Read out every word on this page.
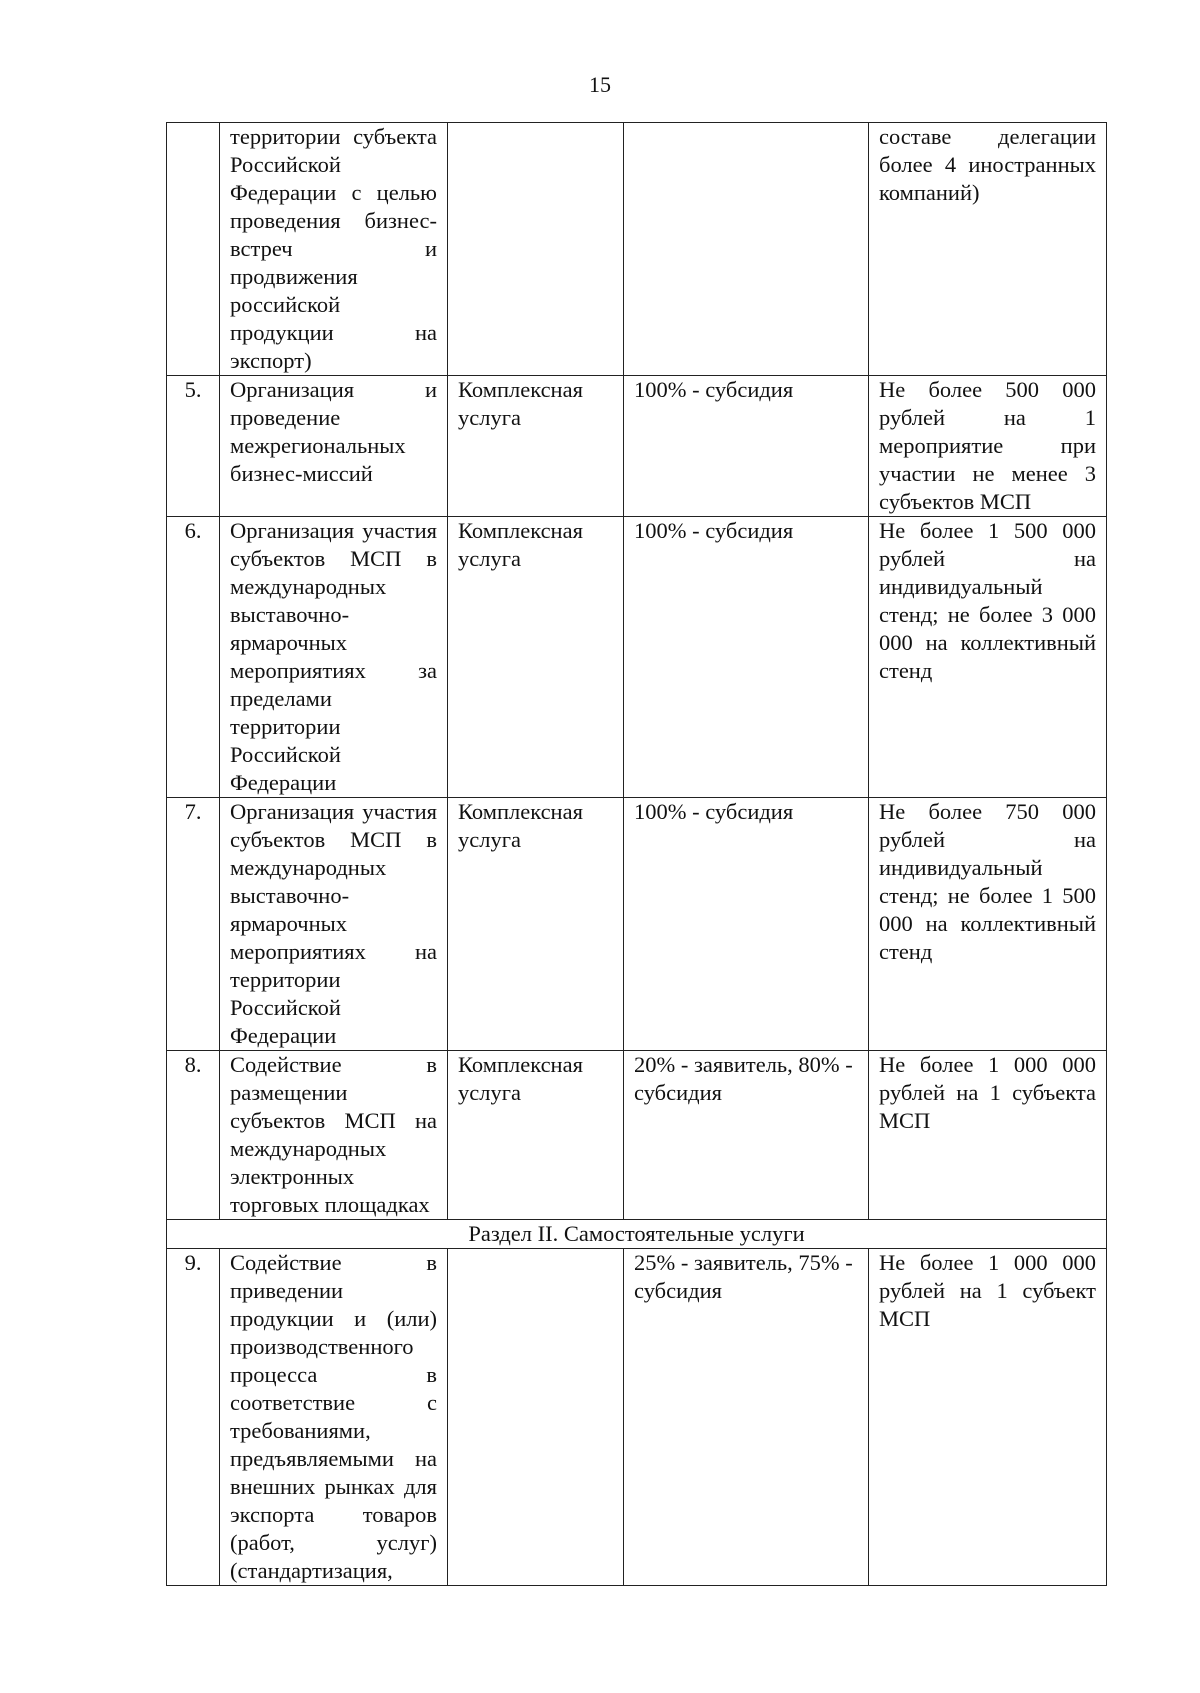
15
	территории субъекта Российской Федерации с целью проведения бизнес-встреч и продвижения российской продукции на экспорт)			составе делегации более 4 иностранных компаний)
5.	Организация и проведение межрегиональных бизнес-миссий	Комплексная услуга	100% - субсидия	Не более 500 000 рублей на 1 мероприятие при участии не менее 3 субъектов МСП
6.	Организация участия субъектов МСП в международных выставочно-ярмарочных мероприятиях за пределами территории Российской Федерации	Комплексная услуга	100% - субсидия	Не более 1 500 000 рублей на индивидуальный стенд; не более 3 000 000 на коллективный стенд
7.	Организация участия субъектов МСП в международных выставочно-ярмарочных мероприятиях на территории Российской Федерации	Комплексная услуга	100% - субсидия	Не более 750 000 рублей на индивидуальный стенд; не более 1 500 000 на коллективный стенд
8.	Содействие в размещении субъектов МСП на международных электронных торговых площадках	Комплексная услуга	20% - заявитель, 80% - субсидия	Не более 1 000 000 рублей на 1 субъекта МСП
Раздел II. Самостоятельные услуги				
9.	Содействие в приведении продукции и (или) производственного процесса в соответствие с требованиями, предъявляемыми на внешних рынках для экспорта товаров (работ, услуг) (стандартизация,		25% - заявитель, 75% - субсидия	Не более 1 000 000 рублей на 1 субъект МСП
